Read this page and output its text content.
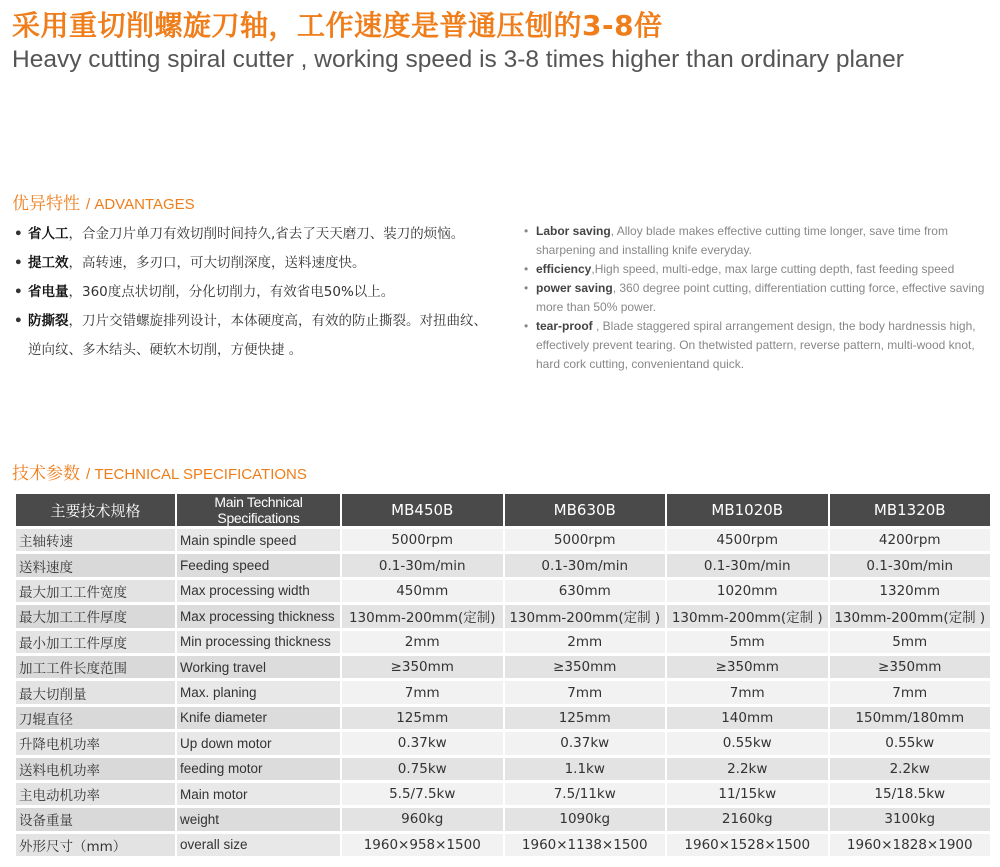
采用重切削螺旋刀轴，工作速度是普通压刨的3-8倍
Heavy cutting spiral cutter , working speed is 3-8 times higher than ordinary planer
优异特性 / ADVANTAGES
• 省人工，合金刀片单刀有效切削时间持久,省去了天天磨刀、装刀的烦恼。
• 提工效，高转速，多刃口，可大切削深度，送料速度快。
• 省电量，360度点状切削，分化切削力，有效省电50%以上。
• 防撕裂，刀片交错螺旋排列设计，本体硬度高，有效的防止撕裂。对扭曲纹、逆向纹、多木结头、硬软木切削，方便快捷 。
• Labor saving, Alloy blade makes effective cutting time longer, save time from sharpening and installing knife everyday.
• efficiency,High speed, multi-edge, max large cutting depth, fast feeding speed
• power saving, 360 degree point cutting, differentiation cutting force, effective saving more than 50% power.
• tear-proof , Blade staggered spiral arrangement design, the body hardnessis high, effectively prevent tearing. On thetwisted pattern, reverse pattern, multi-wood knot, hard cork cutting, convenientand quick.
技术参数 / TECHNICAL SPECIFICATIONS
主要技术规格	Main Technical Specifications	MB450B	MB630B	MB1020B	MB1320B
主轴转速	Main spindle speed	5000rpm	5000rpm	4500rpm	4200rpm
送料速度	Feeding speed	0.1-30m/min	0.1-30m/min	0.1-30m/min	0.1-30m/min
最大加工工件宽度	Max processing width	450mm	630mm	1020mm	1320mm
最大加工工件厚度	Max processing thickness	130mm-200mm(定制)	130mm-200mm(定制 )	130mm-200mm(定制 )	130mm-200mm(定制 )
最小加工工件厚度	Min processing thickness	2mm	2mm	5mm	5mm
加工工件长度范围	Working travel	≥350mm	≥350mm	≥350mm	≥350mm
最大切削量	Max. planing	7mm	7mm	7mm	7mm
刀辊直径	Knife diameter	125mm	125mm	140mm	150mm/180mm
升降电机功率	Up down motor	0.37kw	0.37kw	0.55kw	0.55kw
送料电机功率	feeding motor	0.75kw	1.1kw	2.2kw	2.2kw
主电动机功率	Main motor	5.5/7.5kw	7.5/11kw	11/15kw	15/18.5kw
设备重量	weight	960kg	1090kg	2160kg	3100kg
外形尺寸（mm）	overall size	1960×958×1500	1960×1138×1500	1960×1528×1500	1960×1828×1900
